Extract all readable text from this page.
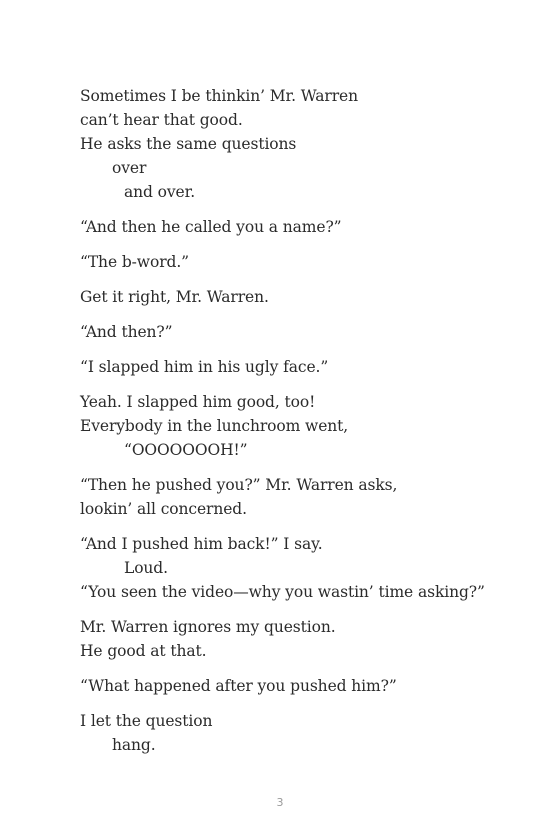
Sometimes I be thinkin’ Mr. Warren
can’t hear that good.
He asks the same questions
over
and over.
“And then he called you a name?”
“The b-word.”
Get it right, Mr. Warren.
“And then?”
“I slapped him in his ugly face.”
Yeah. I slapped him good, too!
Everybody in the lunchroom went,
“OOOOOOOH!”
“Then he pushed you?” Mr. Warren asks,
lookin’ all concerned.
“And I pushed him back!” I say.
Loud.
“You seen the video—why you wastin’ time asking?”
Mr. Warren ignores my question.
He good at that.
“What happened after you pushed him?”
I let the question
hang.
3
